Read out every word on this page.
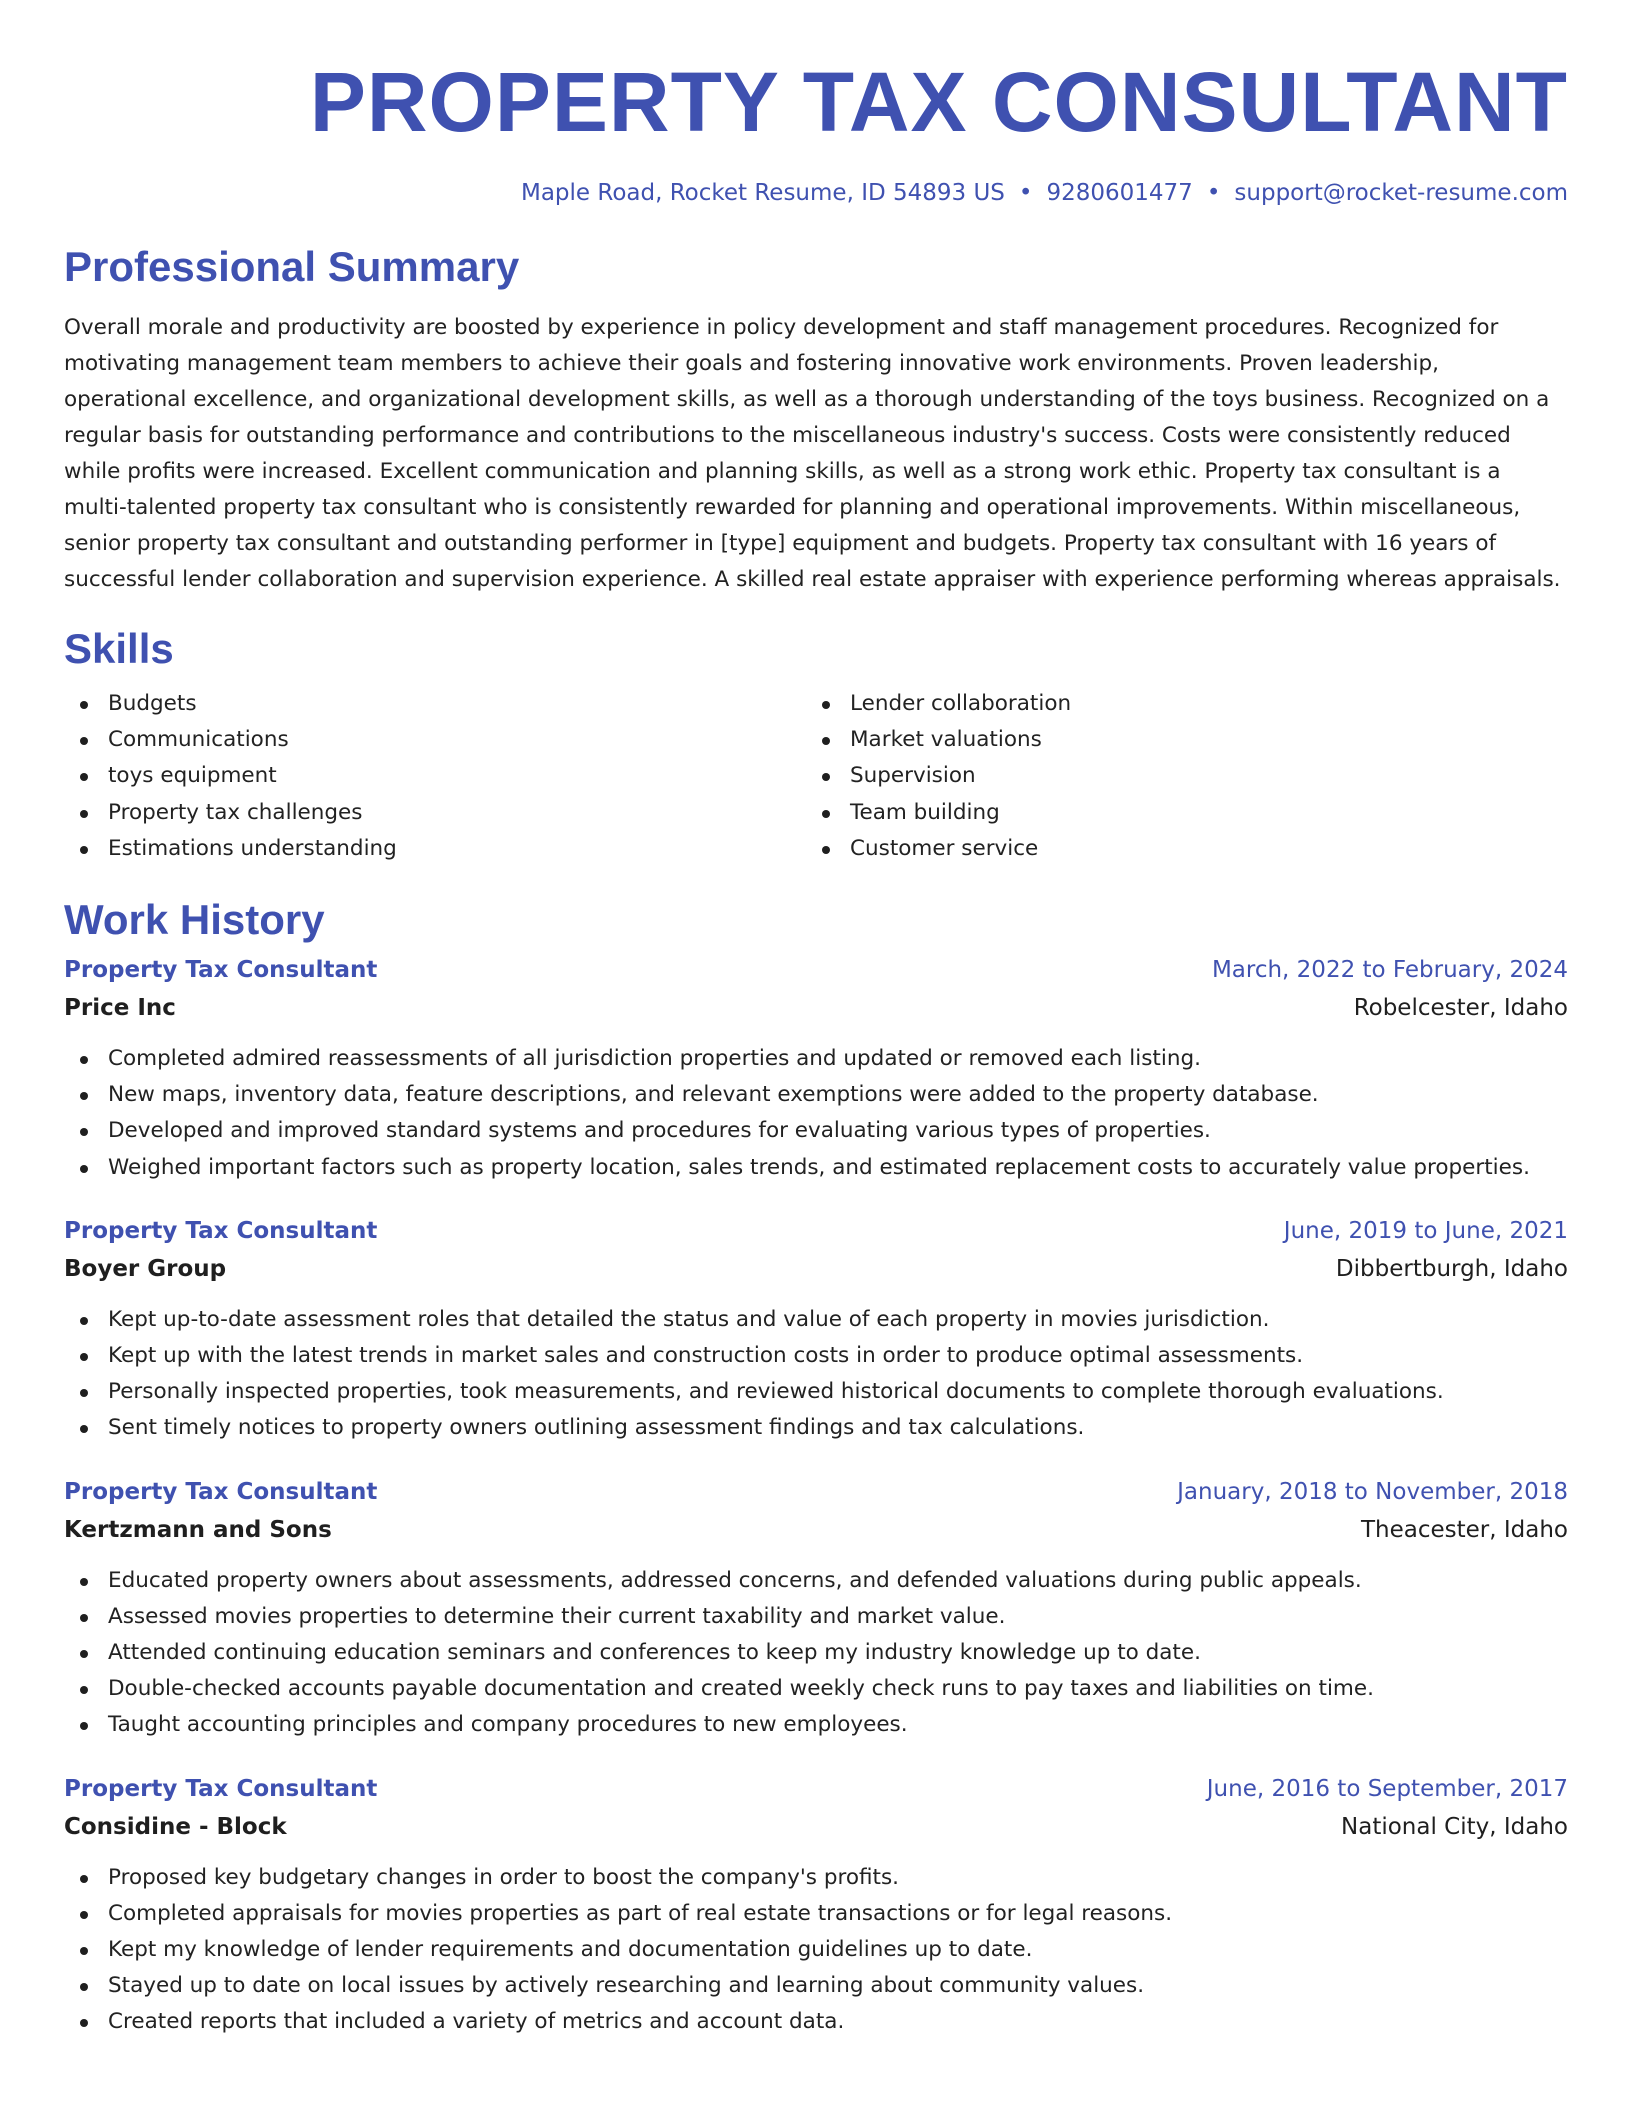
PROPERTY TAX CONSULTANT
Maple Road, Rocket Resume, ID 54893 US • 9280601477 • support@rocket-resume.com
Professional Summary
Overall morale and productivity are boosted by experience in policy development and staff management procedures. Recognized for motivating management team members to achieve their goals and fostering innovative work environments. Proven leadership, operational excellence, and organizational development skills, as well as a thorough understanding of the toys business. Recognized on a regular basis for outstanding performance and contributions to the miscellaneous industry's success. Costs were consistently reduced while profits were increased. Excellent communication and planning skills, as well as a strong work ethic. Property tax consultant is a multi-talented property tax consultant who is consistently rewarded for planning and operational improvements. Within miscellaneous, senior property tax consultant and outstanding performer in [type] equipment and budgets. Property tax consultant with 16 years of successful lender collaboration and supervision experience. A skilled real estate appraiser with experience performing whereas appraisals.
Skills
Budgets
Communications
toys equipment
Property tax challenges
Estimations understanding
Lender collaboration
Market valuations
Supervision
Team building
Customer service
Work History
Property Tax Consultant	March, 2022 to February, 2024
Price Inc	Robelcester, Idaho
Completed admired reassessments of all jurisdiction properties and updated or removed each listing.
New maps, inventory data, feature descriptions, and relevant exemptions were added to the property database.
Developed and improved standard systems and procedures for evaluating various types of properties.
Weighed important factors such as property location, sales trends, and estimated replacement costs to accurately value properties.
Property Tax Consultant	June, 2019 to June, 2021
Boyer Group	Dibbertburgh, Idaho
Kept up-to-date assessment roles that detailed the status and value of each property in movies jurisdiction.
Kept up with the latest trends in market sales and construction costs in order to produce optimal assessments.
Personally inspected properties, took measurements, and reviewed historical documents to complete thorough evaluations.
Sent timely notices to property owners outlining assessment findings and tax calculations.
Property Tax Consultant	January, 2018 to November, 2018
Kertzmann and Sons	Theacester, Idaho
Educated property owners about assessments, addressed concerns, and defended valuations during public appeals.
Assessed movies properties to determine their current taxability and market value.
Attended continuing education seminars and conferences to keep my industry knowledge up to date.
Double-checked accounts payable documentation and created weekly check runs to pay taxes and liabilities on time.
Taught accounting principles and company procedures to new employees.
Property Tax Consultant	June, 2016 to September, 2017
Considine - Block	National City, Idaho
Proposed key budgetary changes in order to boost the company's profits.
Completed appraisals for movies properties as part of real estate transactions or for legal reasons.
Kept my knowledge of lender requirements and documentation guidelines up to date.
Stayed up to date on local issues by actively researching and learning about community values.
Created reports that included a variety of metrics and account data.
